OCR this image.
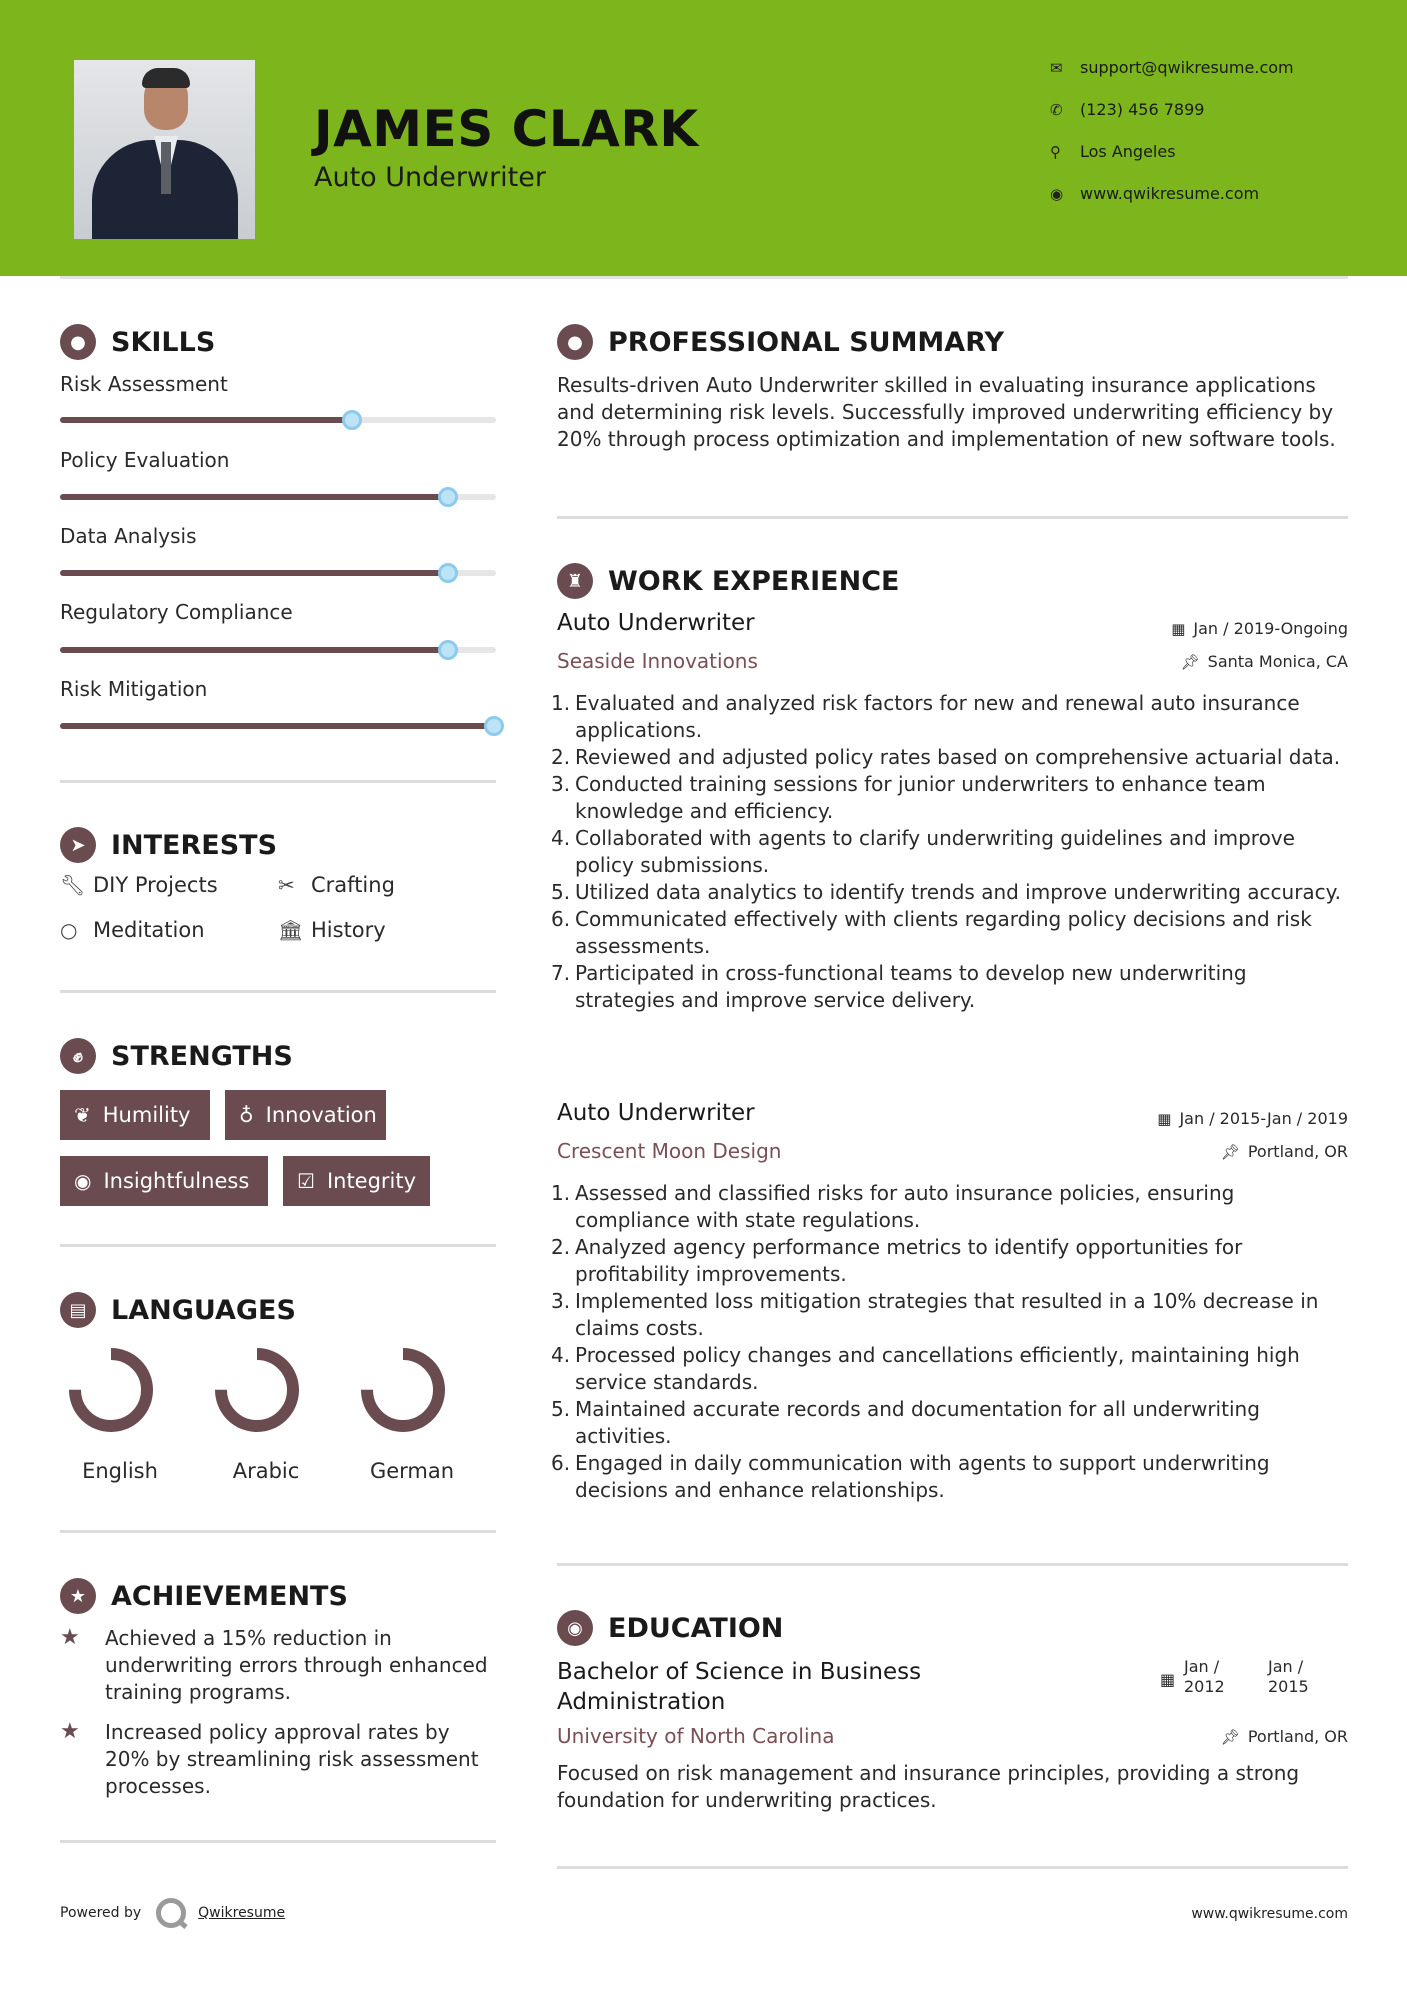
JAMES CLARK
Auto Underwriter
✉	support@qwikresume.com
✆	(123) 456 7899
⚲	Los Angeles
◉	www.qwikresume.com
● SKILLS
Risk Assessment
Policy Evaluation
Data Analysis
Regulatory Compliance
Risk Mitigation
➤ INTERESTS
🔧︎ DIY Projects	✂ Crafting
○ Meditation	🏛︎ History
✊︎	STRENGTHS
❦ Humility ♁ Innovation
◉ Insightfulness ☑ Integrity
▤ LANGUAGES
English	Arabic	German
★ ACHIEVEMENTS
★	Achieved a 15% reduction in underwriting errors through enhanced training programs.
★	Increased policy approval rates by 20% by streamlining risk assessment processes.
● PROFESSIONAL SUMMARY
Results-driven Auto Underwriter skilled in evaluating insurance applications and determining risk levels. Successfully improved underwriting efficiency by 20% through process optimization and implementation of new software tools.
♜ WORK EXPERIENCE
Auto Underwriter	▦ Jan / 2019-Ongoing
Seaside Innovations	📌︎ Santa Monica, CA
1. Evaluated and analyzed risk factors for new and renewal auto insurance applications.
2. Reviewed and adjusted policy rates based on comprehensive actuarial data.
3. Conducted training sessions for junior underwriters to enhance team knowledge and efficiency.
4. Collaborated with agents to clarify underwriting guidelines and improve policy submissions.
5. Utilized data analytics to identify trends and improve underwriting accuracy.
6. Communicated effectively with clients regarding policy decisions and risk assessments.
7. Participated in cross-functional teams to develop new underwriting strategies and improve service delivery.
Auto Underwriter	▦ Jan / 2015-Jan / 2019
Crescent Moon Design	📌︎ Portland, OR
1. Assessed and classified risks for auto insurance policies, ensuring compliance with state regulations.
2. Analyzed agency performance metrics to identify opportunities for profitability improvements.
3. Implemented loss mitigation strategies that resulted in a 10% decrease in claims costs.
4. Processed policy changes and cancellations efficiently, maintaining high service standards.
5. Maintained accurate records and documentation for all underwriting activities.
6. Engaged in daily communication with agents to support underwriting decisions and enhance relationships.
◉ EDUCATION
Bachelor of Science in Business Administration
▦
Jan / 2012
Jan / 2015
University of North Carolina	📌︎ Portland, OR
Focused on risk management and insurance principles, providing a strong foundation for underwriting practices.
Powered by	Qwikresume	www.qwikresume.com
